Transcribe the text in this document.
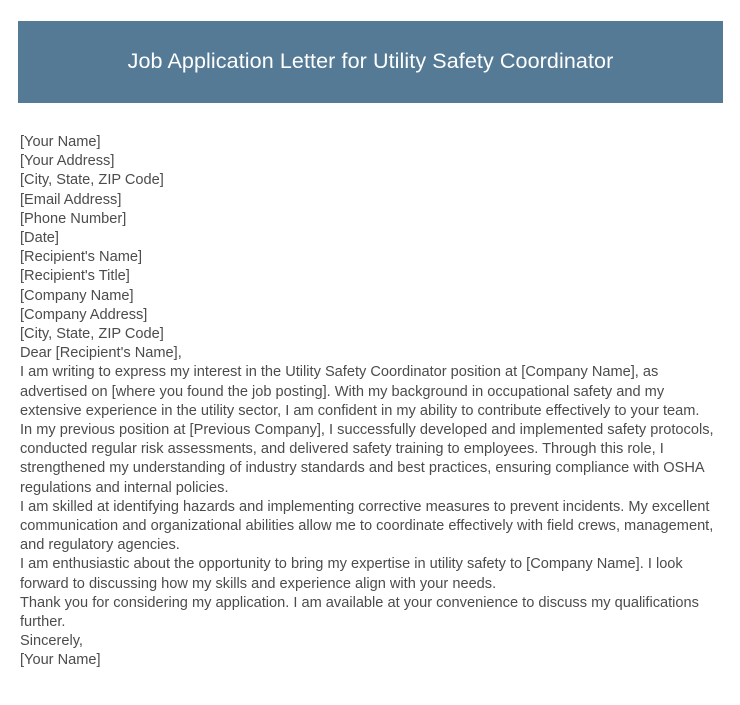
Job Application Letter for Utility Safety Coordinator
[Your Name]
[Your Address]
[City, State, ZIP Code]
[Email Address]
[Phone Number]
[Date]
[Recipient's Name]
[Recipient's Title]
[Company Name]
[Company Address]
[City, State, ZIP Code]
Dear [Recipient's Name],

I am writing to express my interest in the Utility Safety Coordinator position at [Company Name], as advertised on [where you found the job posting]. With my background in occupational safety and my extensive experience in the utility sector, I am confident in my ability to contribute effectively to your team.

In my previous position at [Previous Company], I successfully developed and implemented safety protocols, conducted regular risk assessments, and delivered safety training to employees. Through this role, I strengthened my understanding of industry standards and best practices, ensuring compliance with OSHA regulations and internal policies.

I am skilled at identifying hazards and implementing corrective measures to prevent incidents. My excellent communication and organizational abilities allow me to coordinate effectively with field crews, management, and regulatory agencies.

I am enthusiastic about the opportunity to bring my expertise in utility safety to [Company Name]. I look forward to discussing how my skills and experience align with your needs.

Thank you for considering my application. I am available at your convenience to discuss my qualifications further.

Sincerely,
[Your Name]
